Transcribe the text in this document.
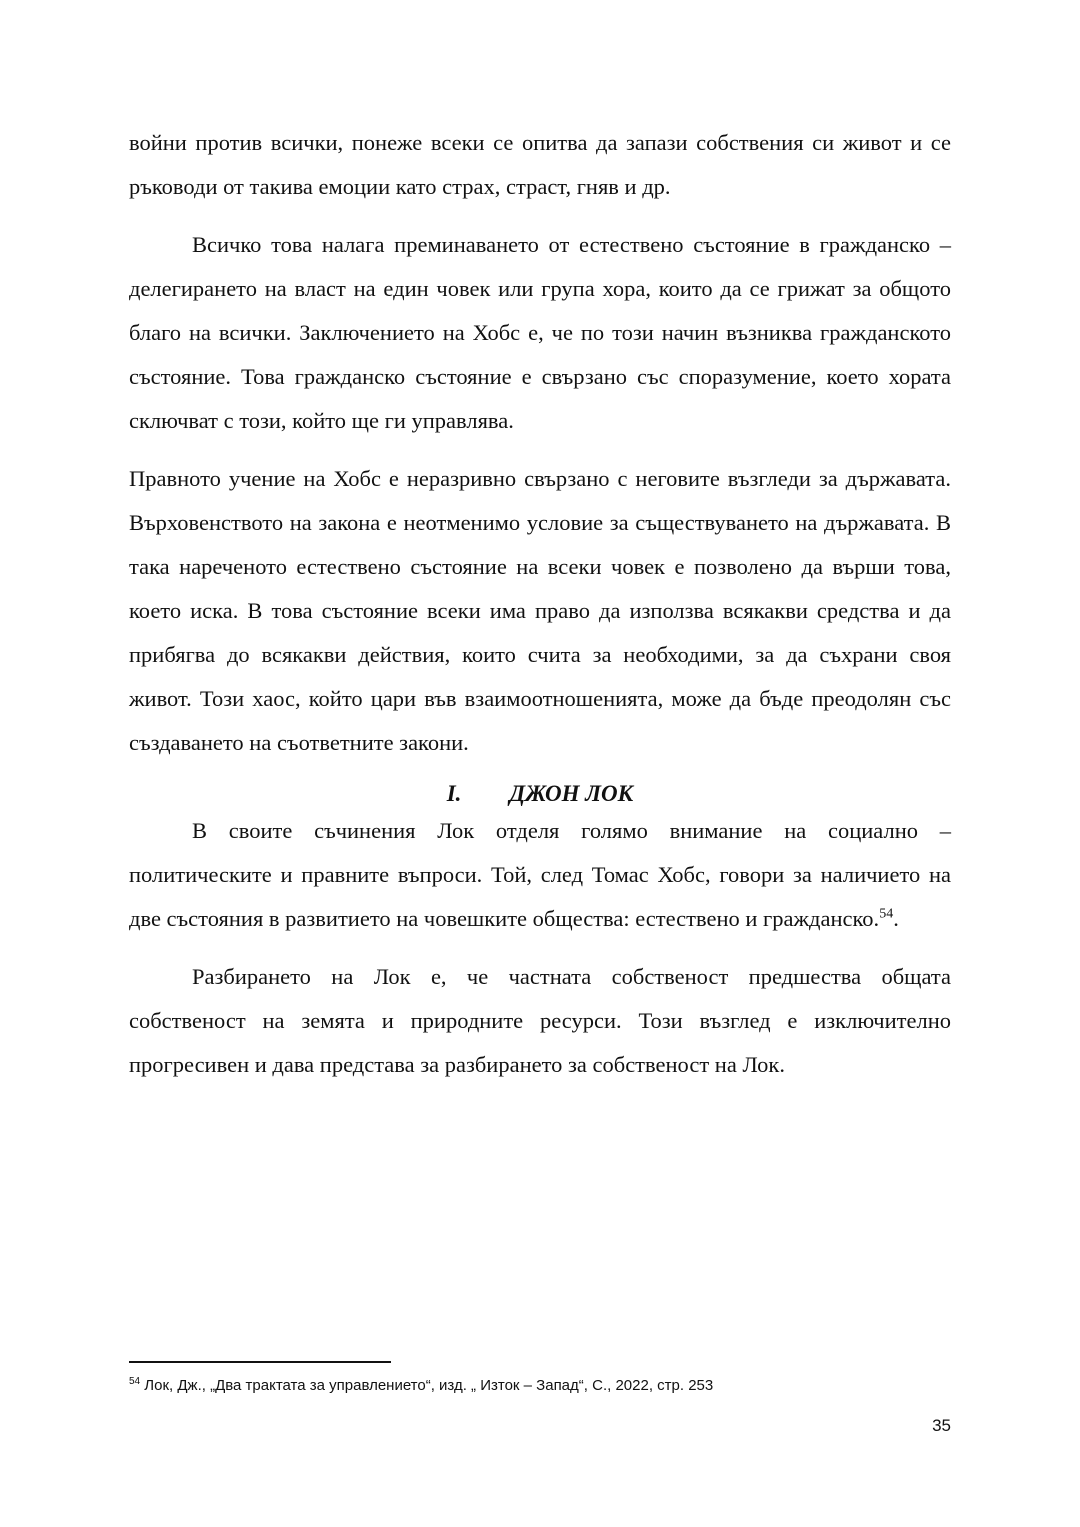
войни против всички, понеже всеки се опитва да запази собствения си живот и се ръководи от такива емоции като страх, страст, гняв и др.

Всичко това налага преминаването от естествено състояние в гражданско – делегирането на власт на един човек или група хора, които да се грижат за общото благо на всички. Заключението на Хобс е, че по този начин възниква гражданското състояние. Това гражданско състояние е свързано със споразумение, което хората сключват с този, който ще ги управлява.

Правното учение на Хобс е неразривно свързано с неговите възгледи за държавата. Върховенството на закона е неотменимо условие за съществуването на държавата. В така нареченото естествено състояние на всеки човек е позволено да върши това, което иска. В това състояние всеки има право да използва всякакви средства и да прибягва до всякакви действия, които счита за необходими, за да съхрани своя живот. Този хаос, който цари във взаимоотношенията, може да бъде преодолян със създаването на съответните закони.

I. ДЖОН ЛОК

В своите съчинения Лок отделя голямо внимание на социално – политическите и правните въпроси. Той, след Томас Хобс, говори за наличието на две състояния в развитието на човешките общества: естествено и гражданско.$^{54}$.

Разбирането на Лок е, че частната собственост предшества общата собственост на земята и природните ресурси. Този възглед е изключително прогресивен и дава представа за разбирането за собственост на Лок.

$^{54}$ Лок, Дж., „Два трактата за управлението“, изд. „ Изток – Запад“, С., 2022, стр. 253
35
